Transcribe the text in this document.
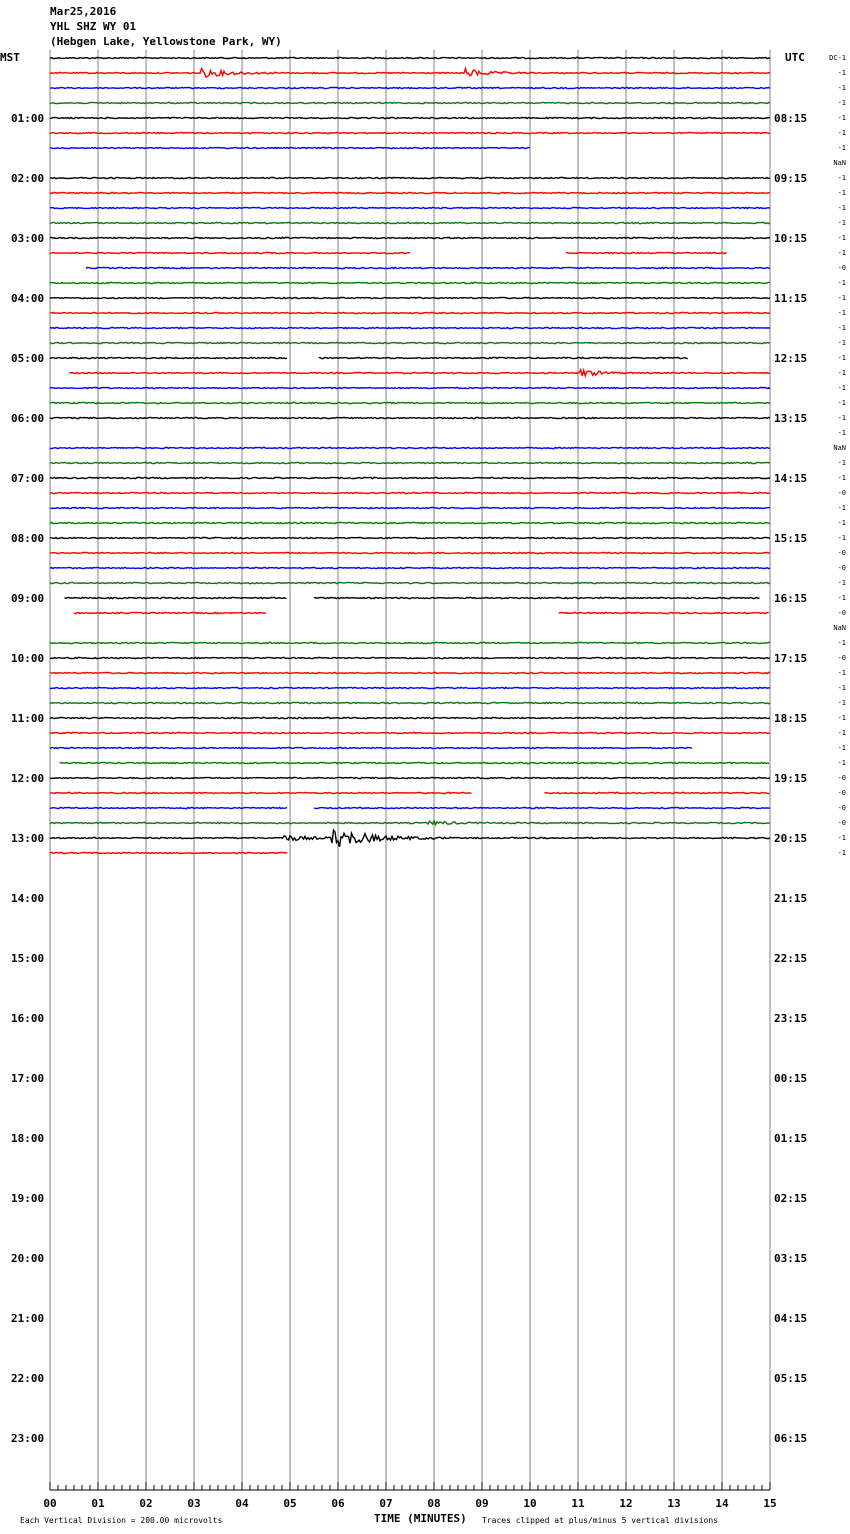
Mar25,2016
YHL SHZ WY 01
(Hebgen Lake, Yellowstone Park, WY)
01:00
02:00
03:00
04:00
05:00
06:00
07:00
08:00
09:00
10:00
11:00
12:00
13:00
14:00
15:00
16:00
17:00
18:00
19:00
20:00
21:00
22:00
23:00
08:15
09:15
10:15
11:15
12:15
13:15
14:15
15:15
16:15
17:15
18:15
19:15
20:15
21:15
22:15
23:15
00:15
01:15
02:15
03:15
04:15
05:15
06:15
DC-1
-1
-1
-1
-1
-1
-1
NaN
-1
-1
-1
-1
-1
-1
-0
-1
-1
-1
-1
-1
-1
-1
-1
-1
-1
-1
NaN
-1
-1
-0
-1
-1
-1
-0
-0
-1
-1
-0
NaN
-1
-0
-1
-1
-1
-1
-1
-1
-1
-0
-0
-0
-0
-1
-1
00	01	02	03	04	05	06	07	08	09	10	11	12	13	14	15
MST	UTC
TIME (MINUTES)
Each Vertical Division = 200.00 microvolts	Traces clipped at plus/minus 5 vertical divisions
